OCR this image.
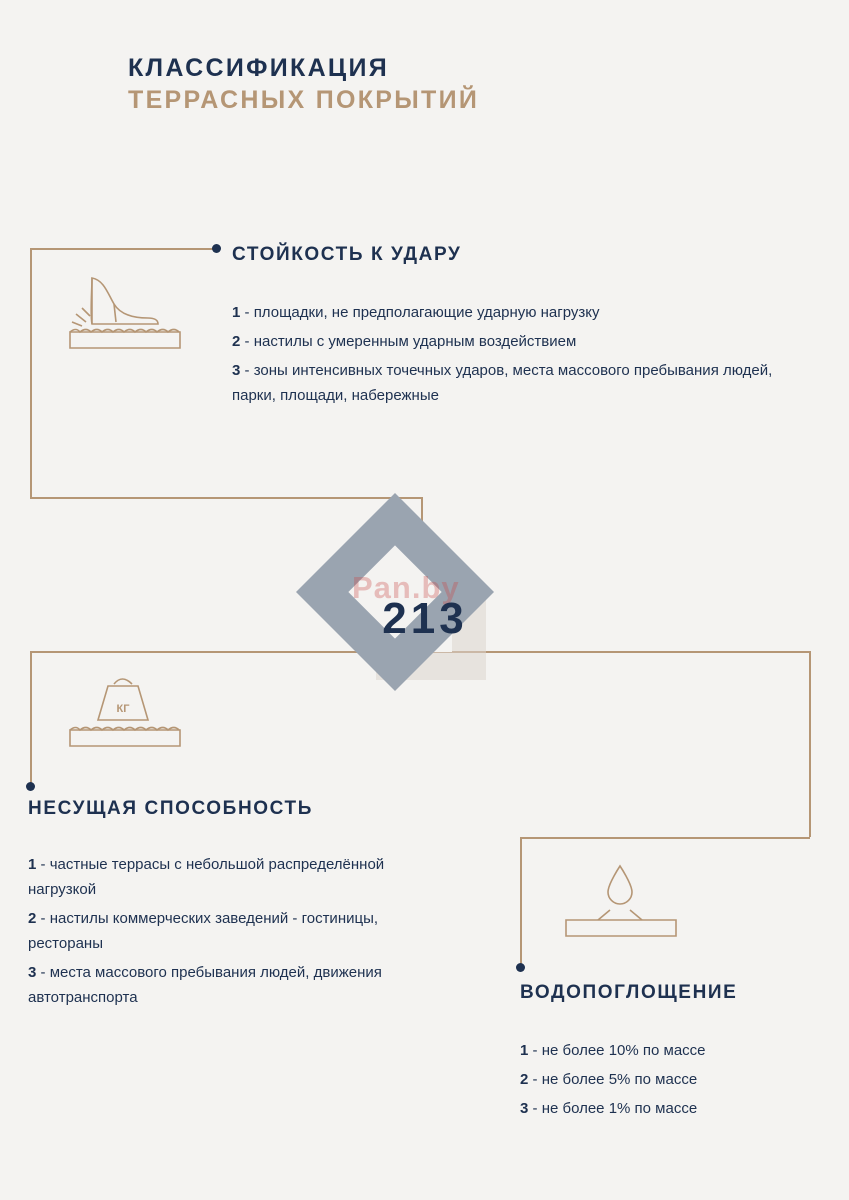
КЛАССИФИКАЦИЯ
ТЕРРАСНЫХ ПОКРЫТИЙ
Pan.by
213
КГ
СТОЙКОСТЬ К УДАРУ
1 - площадки, не предполагающие ударную нагрузку
2 - настилы с умеренным ударным воздействием
3 - зоны интенсивных точечных ударов, места массового пребывания людей, парки, площади, набережные
НЕСУЩАЯ СПОСОБНОСТЬ
1 - частные террасы с небольшой распределённой нагрузкой
2 - настилы коммерческих заведений - гостиницы, рестораны
3 - места массового пребывания людей, движения автотранспорта	ВОДОПОГЛОЩЕНИЕ
1 - не более 10% по массе
2 - не более 5% по массе
3 - не более 1% по массе
